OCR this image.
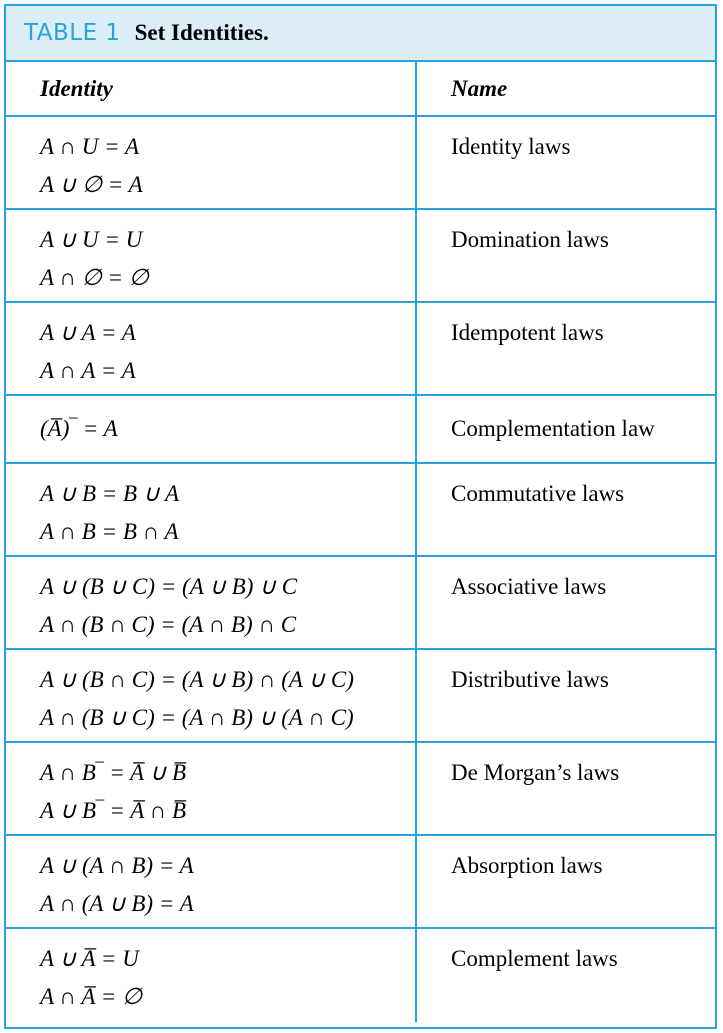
TABLE 1 Set Identities.
Identity	Name
A ∩ U = A
A ∪ ∅ = A
Identity laws
A ∪ U = U
A ∩ ∅ = ∅
Domination laws
A ∪ A = A
A ∩ A = A
Idempotent laws
(A̅)‾ = A	Complementation law
A ∪ B = B ∪ A
A ∩ B = B ∩ A
Commutative laws
A ∪ (B ∪ C) = (A ∪ B) ∪ C
A ∩ (B ∩ C) = (A ∩ B) ∩ C
Associative laws
A ∪ (B ∩ C) = (A ∪ B) ∩ (A ∪ C)
A ∩ (B ∪ C) = (A ∩ B) ∪ (A ∩ C)
Distributive laws
A ∩ B‾ = A̅ ∪ B̅
A ∪ B‾ = A̅ ∩ B̅
De Morgan’s laws
A ∪ (A ∩ B) = A
A ∩ (A ∪ B) = A
Absorption laws
A ∪ A̅ = U
A ∩ A̅ = ∅
Complement laws
